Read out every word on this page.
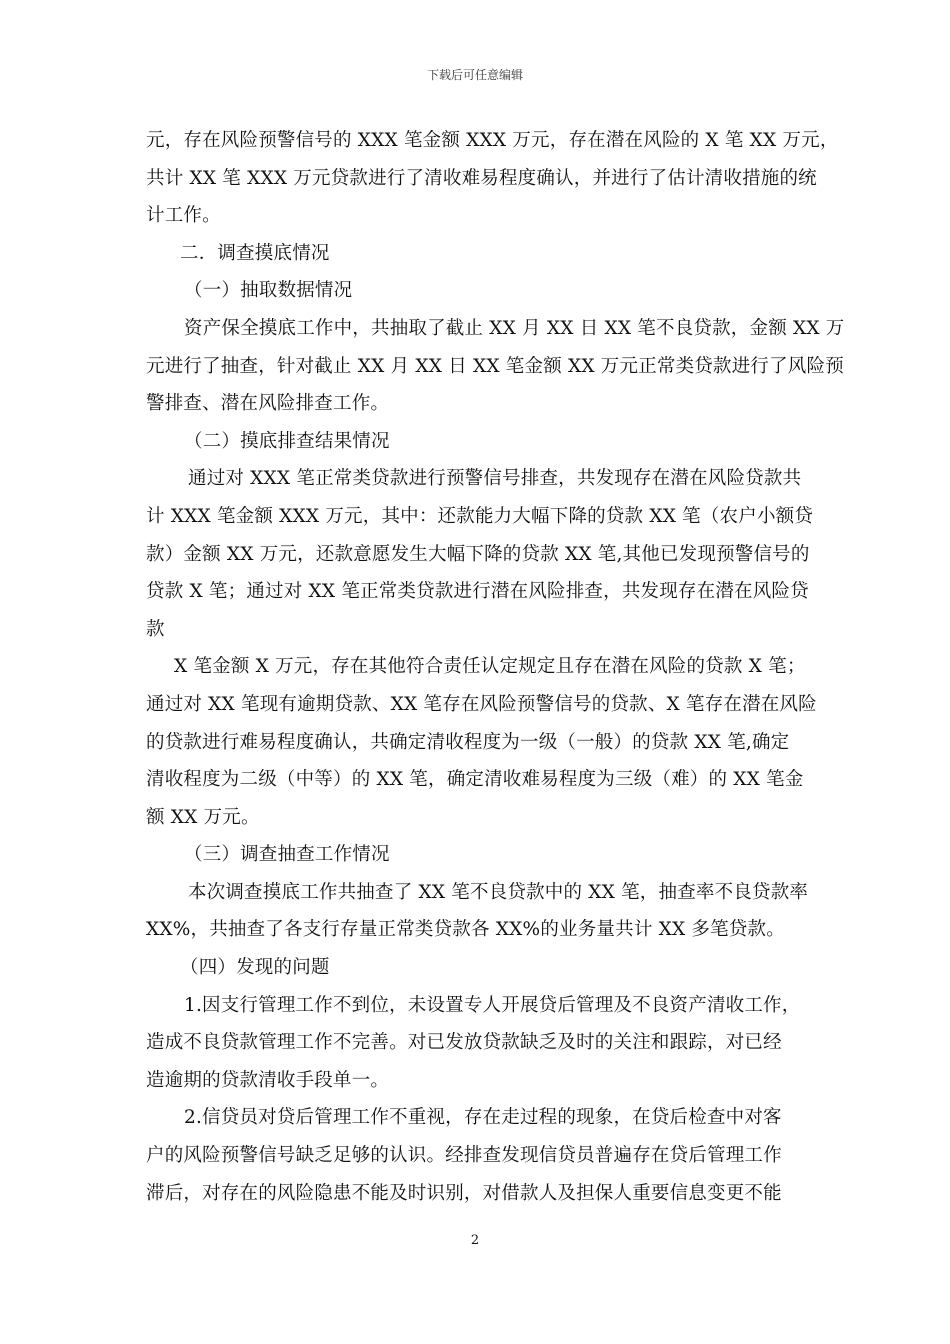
下载后可任意编辑
元，存在风险预警信号的 XXX 笔金额 XXX 万元，存在潜在风险的 X 笔 XX 万元，
共计 XX 笔 XXX 万元贷款进行了清收难易程度确认，并进行了估计清收措施的统
计工作。
二．调查摸底情况
（一）抽取数据情况
资产保全摸底工作中，共抽取了截止 XX 月 XX 日 XX 笔不良贷款，金额 XX 万
元进行了抽查，针对截止 XX 月 XX 日 XX 笔金额 XX 万元正常类贷款进行了风险预
警排查、潜在风险排查工作。
（二）摸底排查结果情况
通过对 XXX 笔正常类贷款进行预警信号排查，共发现存在潜在风险贷款共
计 XXX 笔金额 XXX 万元，其中：还款能力大幅下降的贷款 XX 笔（农户小额贷
款）金额 XX 万元，还款意愿发生大幅下降的贷款 XX 笔,其他已发现预警信号的
贷款 X 笔；通过对 XX 笔正常类贷款进行潜在风险排查，共发现存在潜在风险贷
款
X 笔金额 X 万元，存在其他符合责任认定规定且存在潜在风险的贷款 X 笔；
通过对 XX 笔现有逾期贷款、XX 笔存在风险预警信号的贷款、X 笔存在潜在风险
的贷款进行难易程度确认，共确定清收程度为一级（一般）的贷款 XX 笔,确定
清收程度为二级（中等）的 XX 笔，确定清收难易程度为三级（难）的 XX 笔金
额 XX 万元。
（三）调查抽查工作情况
本次调查摸底工作共抽查了 XX 笔不良贷款中的 XX 笔，抽查率不良贷款率
XX%，共抽查了各支行存量正常类贷款各 XX%的业务量共计 XX 多笔贷款。
（四）发现的问题
1.因支行管理工作不到位，未设置专人开展贷后管理及不良资产清收工作，
造成不良贷款管理工作不完善。对已发放贷款缺乏及时的关注和跟踪，对已经
造逾期的贷款清收手段单一。
2.信贷员对贷后管理工作不重视，存在走过程的现象，在贷后检查中对客
户的风险预警信号缺乏足够的认识。经排查发现信贷员普遍存在贷后管理工作
滞后，对存在的风险隐患不能及时识别，对借款人及担保人重要信息变更不能
2
